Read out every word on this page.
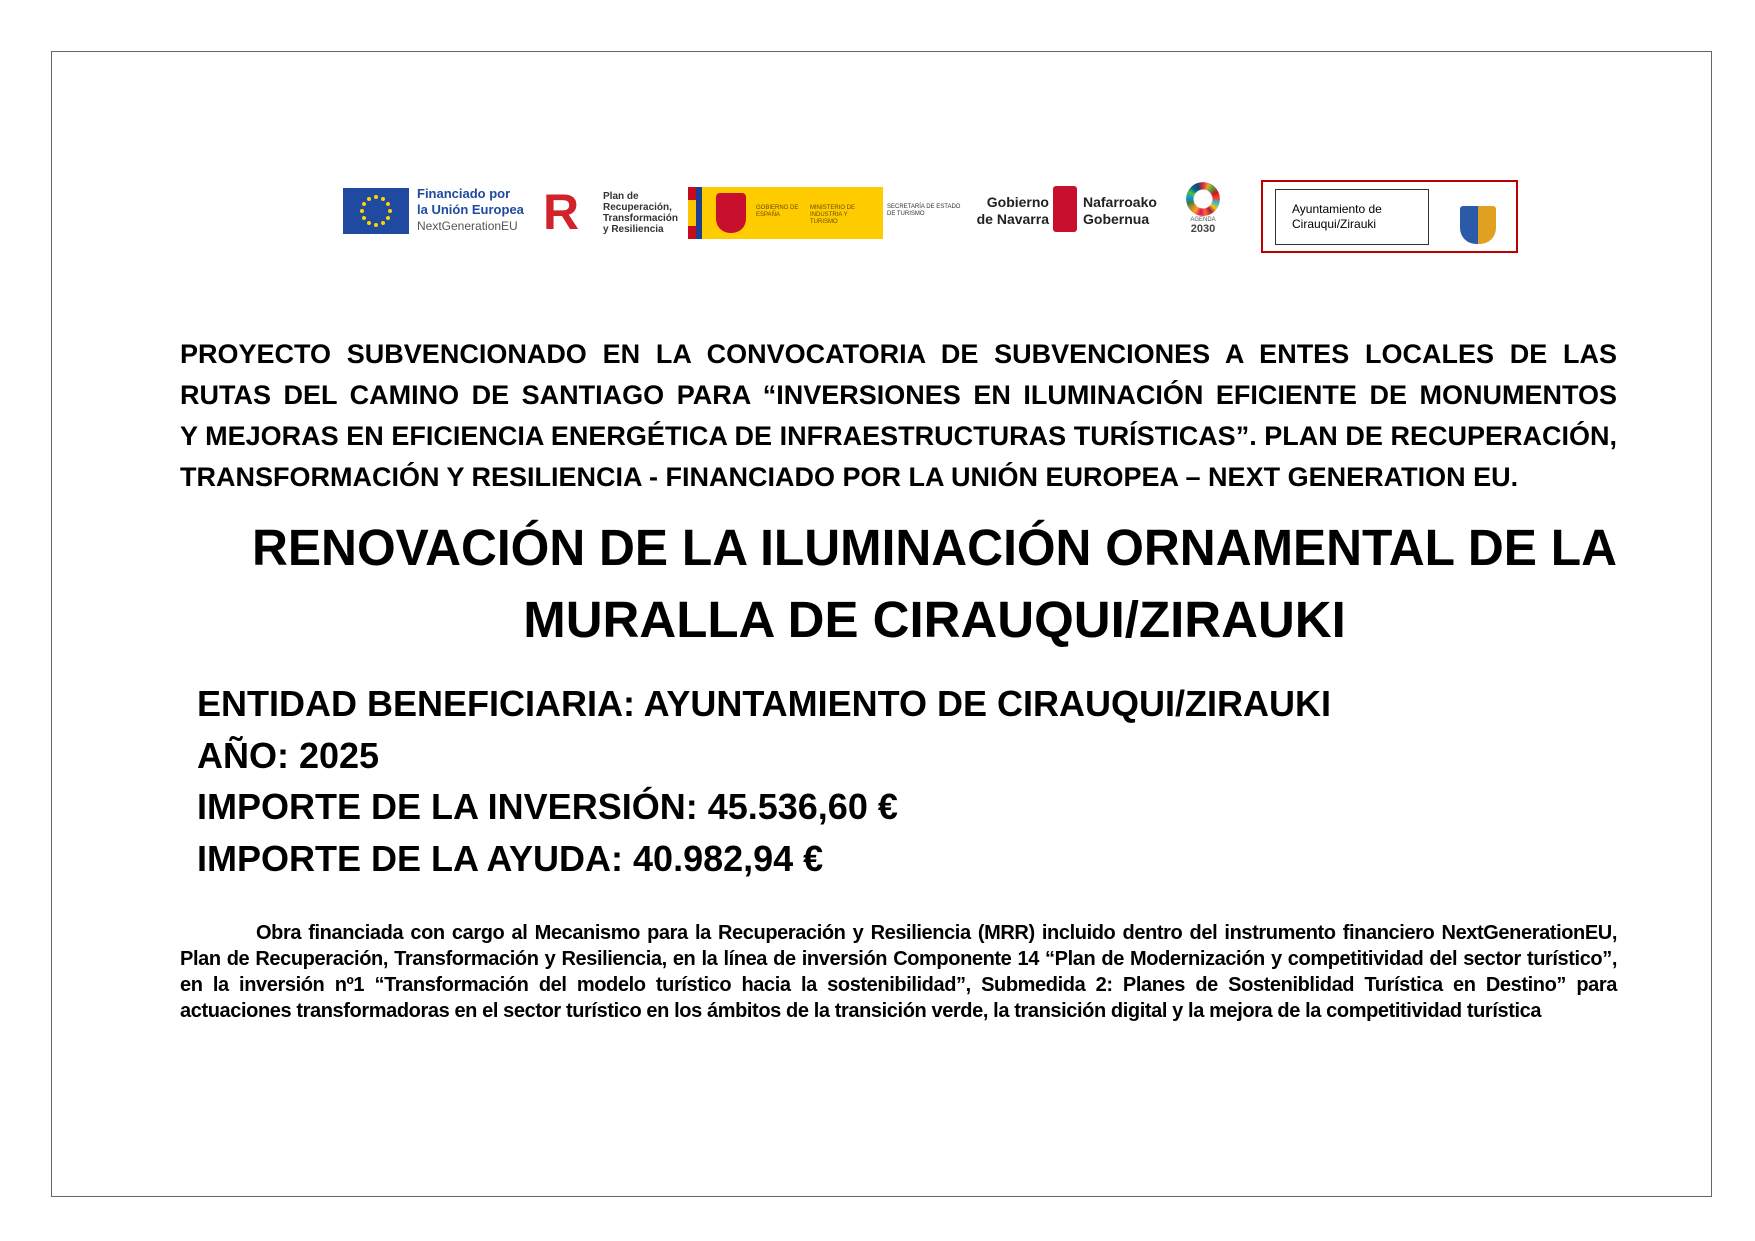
Financiado por
la Unión Europea
NextGenerationEU R	Plan de
Recuperación,
Transformación
y Resiliencia
GOBIERNO DE ESPAÑA
MINISTERIO DE INDUSTRIA Y TURISMO
SECRETARÍA DE ESTADO DE TURISMO
Gobierno
de Navarra
Nafarroako
Gobernua	AGENDA
2030
Ayuntamiento de
Cirauqui/Zirauki
PROYECTO SUBVENCIONADO EN LA CONVOCATORIA DE SUBVENCIONES A ENTES LOCALES DE LAS
RUTAS DEL CAMINO DE SANTIAGO PARA “INVERSIONES EN ILUMINACIÓN EFICIENTE DE MONUMENTOS
Y MEJORAS EN EFICIENCIA ENERGÉTICA DE INFRAESTRUCTURAS TURÍSTICAS”. PLAN DE RECUPERACIÓN,
TRANSFORMACIÓN Y RESILIENCIA - FINANCIADO POR LA UNIÓN EUROPEA – NEXT GENERATION EU.
RENOVACIÓN DE LA ILUMINACIÓN ORNAMENTAL DE LA
MURALLA DE CIRAUQUI/ZIRAUKI
ENTIDAD BENEFICIARIA: AYUNTAMIENTO DE CIRAUQUI/ZIRAUKI
AÑO: 2025
IMPORTE DE LA INVERSIÓN: 45.536,60 €
IMPORTE DE LA AYUDA: 40.982,94 €
Obra financiada con cargo al Mecanismo para la Recuperación y Resiliencia (MRR) incluido dentro del instrumento financiero NextGenerationEU, Plan de Recuperación, Transformación y Resiliencia, en la línea de inversión Componente 14 “Plan de Modernización y competitividad del sector turístico”, en la inversión nº1 “Transformación del modelo turístico hacia la sostenibilidad”, Submedida 2: Planes de Sosteniblidad Turística en Destino” para actuaciones transformadoras en el sector turístico en los ámbitos de la transición verde, la transición digital y la mejora de la competitividad turística
